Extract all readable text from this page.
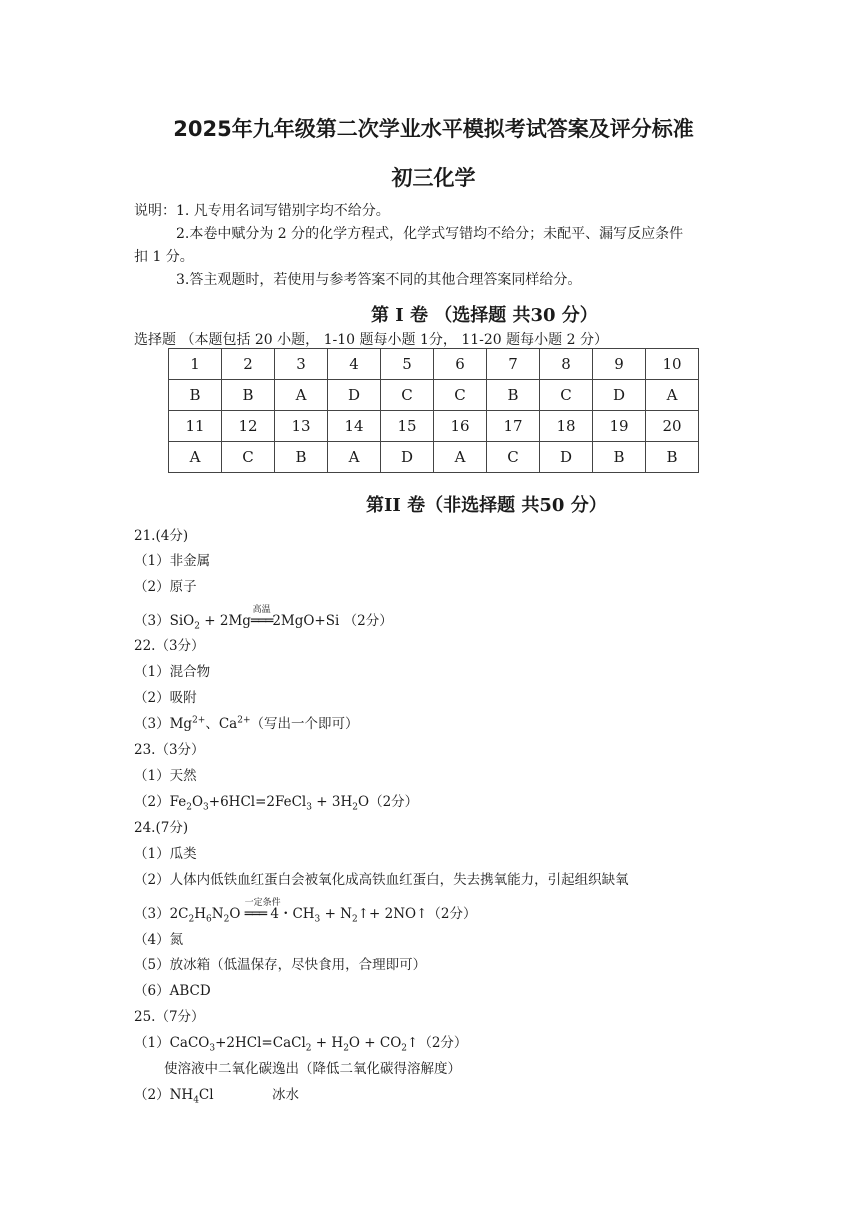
2025年九年级第二次学业水平模拟考试答案及评分标准
初三化学
说明：1. 凡专用名词写错别字均不给分。
2.本卷中赋分为 2 分的化学方程式，化学式写错均不给分；未配平、漏写反应条件
扣 1 分。
3.答主观题时，若使用与参考答案不同的其他合理答案同样给分。
第 I 卷 （选择题 共30 分）
选择题 （本题包括 20 小题， 1-10 题每小题 1分， 11-20 题每小题 2 分）
1	2	3	4	5	6	7	8	9	10
B	B	A	D	C	C	B	C	D	A
11	12	13	14	15	16	17	18	19	20
A	C	B	A	D	A	C	D	B	B
第II 卷（非选择题 共50 分）
21.(4分)
（1）非金属
（2）原子
（3）SiO$_2$ + 2Mg
高温
═══2MgO+Si （2分）
22.（3分）
（1）混合物
（2）吸附
$(3)Mg^{2+}$、$Ca^{2+}$（写出一个即可）
23.（3分）
（1）天然
$(2)Fe_2O_3+6HCl=2FeCl_3 + 3H_2O(2$分）
24.(7分)
（1）瓜类
（2）人体内低铁血红蛋白会被氧化成高铁血红蛋白，失去携氧能力，引起组织缺氧
$(3)2C_2H_6N_2O$
一定条件
═══ 4・$CH_3$ + $N_2↑+$ 2NO↑（2分）
（4）氮
（5）放冰箱（低温保存，尽快食用，合理即可）
（6）ABCD
25.（7分）
（1）CaCO$_3$+2HCl=CaCl$_2$ + $H_2O$ + $CO_2↑(2$分）
使溶液中二氧化碳逸出（降低二氧化碳得溶解度）
$(2)NH_4Cl$	冰水
